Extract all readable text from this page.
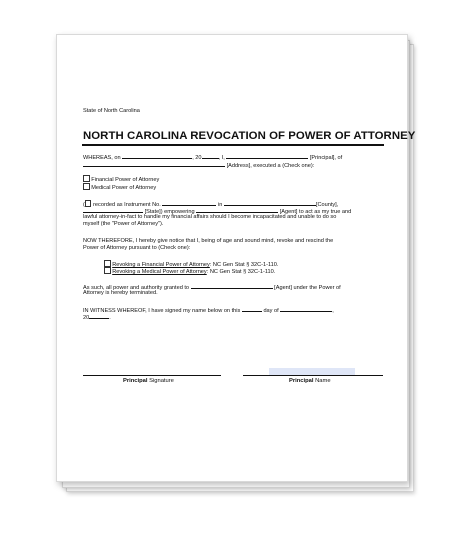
State of North Carolina
NORTH CAROLINA REVOCATION OF POWER OF ATTORNEY
WHEREAS, on	, 20	, I,	[Principal], of
[Address], executed a (Check one):
Financial Power of Attorney
Medical Power of Attorney
( recorded as Instrument No.	in	[County],
[State]) empowering	[Agent] to act as my true and
lawful attorney-in-fact to handle my financial affairs should I become incapacitated and unable to do so
myself (the "Power of Attorney").
NOW THEREFORE, I hereby give notice that I, being of age and sound mind, revoke and rescind the
Power of Attorney pursuant to (Check one):
Revoking a Financial Power of Attorney: NC Gen Stat § 32C-1-110.
Revoking a Medical Power of Attorney: NC Gen Stat § 32C-1-110.
As such, all power and authority granted to	[Agent] under the Power of
Attorney is hereby terminated.
IN WITNESS WHEREOF, I have signed my name below on this	day of	,
20	.
Principal Signature	Principal Name
